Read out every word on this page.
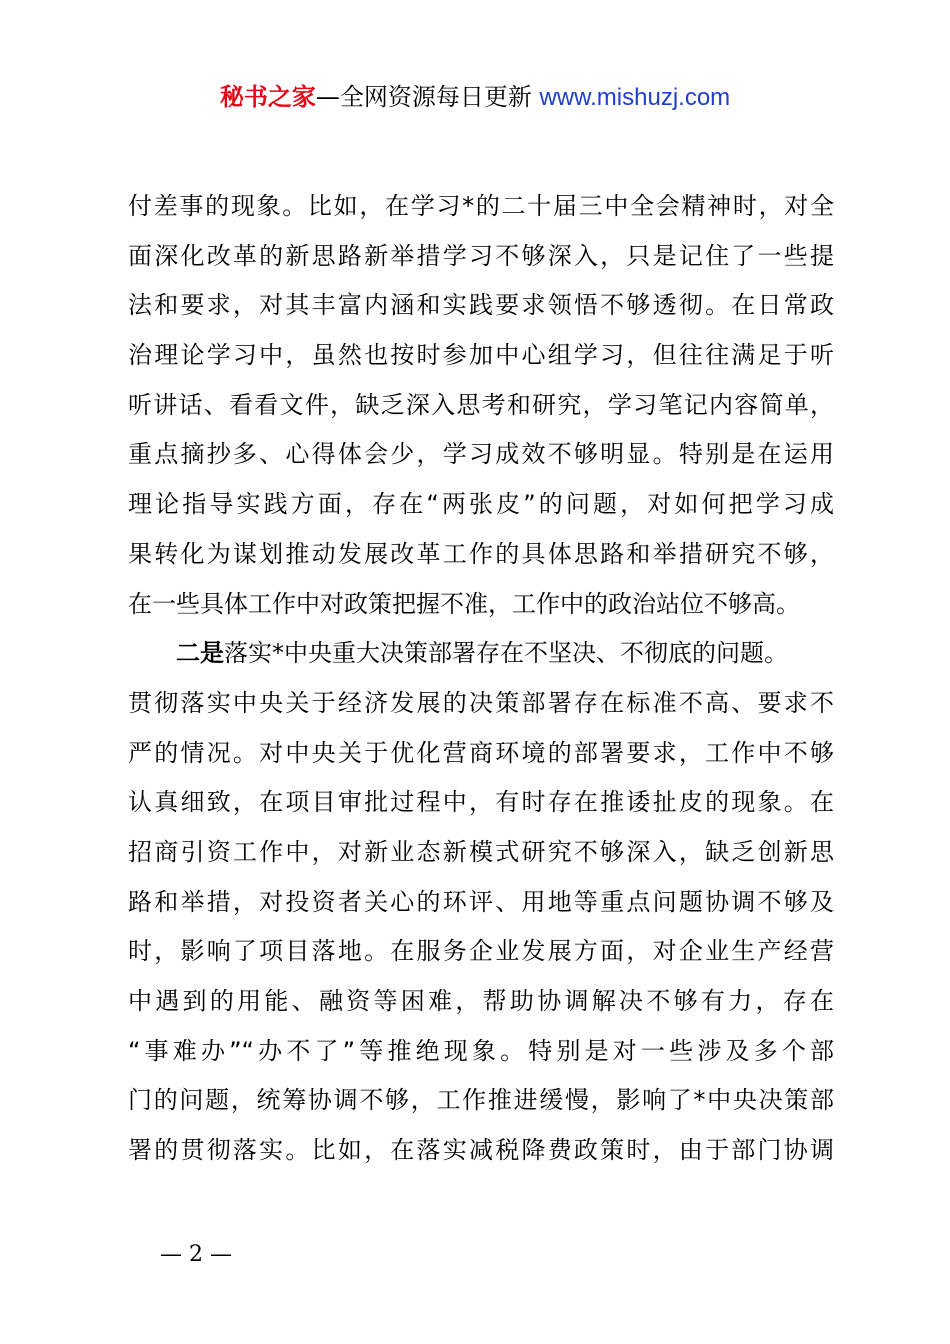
秘书之家—全网资源每日更新 www.mishuzj.com
付差事的现象。比如，在学习*的二十届三中全会精神时，对全
面深化改革的新思路新举措学习不够深入，只是记住了一些提
法和要求，对其丰富内涵和实践要求领悟不够透彻。在日常政
治理论学习中，虽然也按时参加中心组学习，但往往满足于听
听讲话、看看文件，缺乏深入思考和研究，学习笔记内容简单，
重点摘抄多、心得体会少，学习成效不够明显。特别是在运用
理论指导实践方面，存在“两张皮”的问题，对如何把学习成
果转化为谋划推动发展改革工作的具体思路和举措研究不够，
在一些具体工作中对政策把握不准，工作中的政治站位不够高。
二是落实*中央重大决策部署存在不坚决、不彻底的问题。
贯彻落实中央关于经济发展的决策部署存在标准不高、要求不
严的情况。对中央关于优化营商环境的部署要求，工作中不够
认真细致，在项目审批过程中，有时存在推诿扯皮的现象。在
招商引资工作中，对新业态新模式研究不够深入，缺乏创新思
路和举措，对投资者关心的环评、用地等重点问题协调不够及
时，影响了项目落地。在服务企业发展方面，对企业生产经营
中遇到的用能、融资等困难，帮助协调解决不够有力，存在
“事难办”“办不了”等推绝现象。特别是对一些涉及多个部
门的问题，统筹协调不够，工作推进缓慢，影响了*中央决策部
署的贯彻落实。比如，在落实减税降费政策时，由于部门协调
— 2 —
